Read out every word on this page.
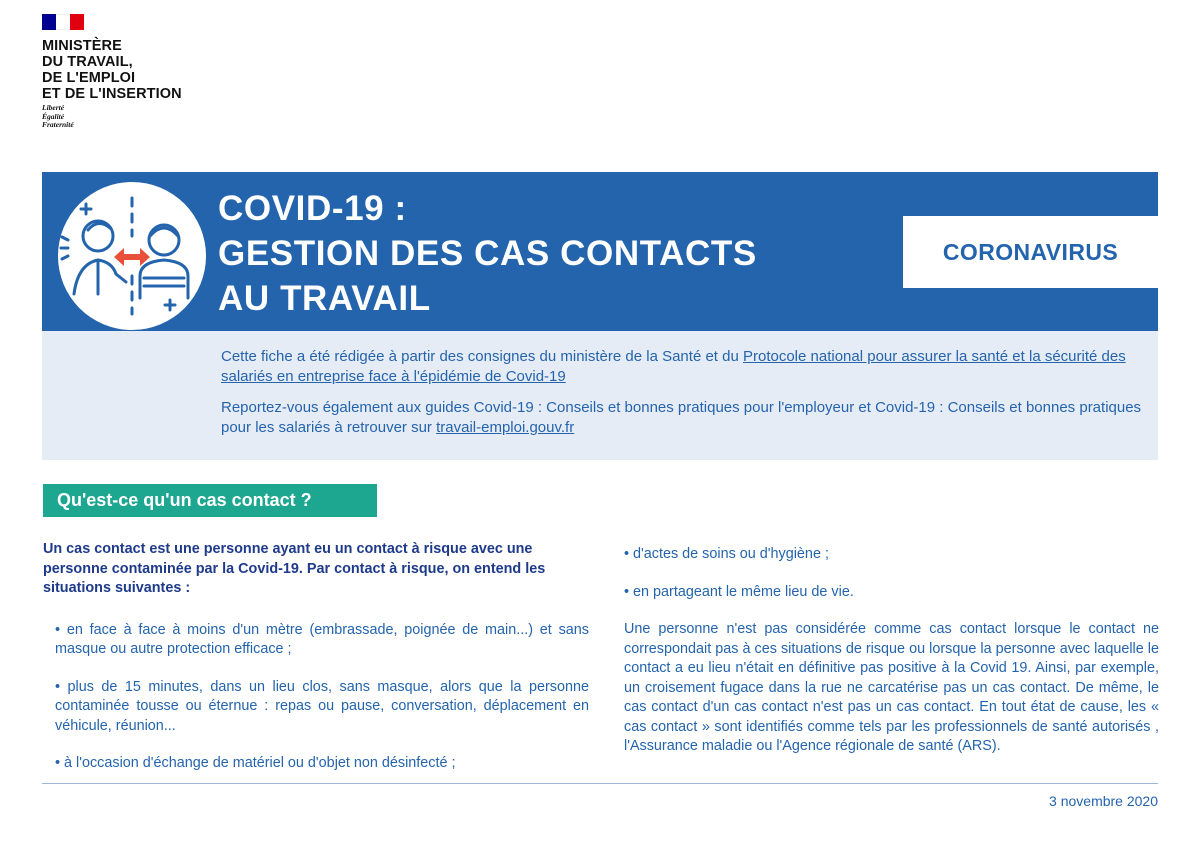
MINISTÈRE
DU TRAVAIL,
DE L'EMPLOI
ET DE L'INSERTION
Liberté
Égalité
Fraternité
COVID-19 :
GESTION DES CAS CONTACTS
AU TRAVAIL
CORONAVIRUS

Cette fiche a été rédigée à partir des consignes du ministère de la Santé et du Protocole national pour assurer la santé et la sécurité des salariés en entreprise face à l'épidémie de Covid-19

Reportez-vous également aux guides Covid-19 : Conseils et bonnes pratiques pour l'employeur et Covid-19 : Conseils et bonnes pratiques pour les salariés à retrouver sur travail-emploi.gouv.fr

Qu'est-ce qu'un cas contact ?

Un cas contact est une personne ayant eu un contact à risque avec une personne contaminée par la Covid-19. Par contact à risque, on entend les situations suivantes :

• en face à face à moins d'un mètre (embrassade, poignée de main...) et sans masque ou autre protection efficace ;

• plus de 15 minutes, dans un lieu clos, sans masque, alors que la personne contaminée tousse ou éternue : repas ou pause, conversation, déplacement en véhicule, réunion...

• à l'occasion d'échange de matériel ou d'objet non désinfecté ;

• d'actes de soins ou d'hygiène ;

• en partageant le même lieu de vie.

Une personne n'est pas considérée comme cas contact lorsque le contact ne correspondait pas à ces situations de risque ou lorsque la personne avec laquelle le contact a eu lieu n'était en définitive pas positive à la Covid 19. Ainsi, par exemple, un croisement fugace dans la rue ne carcatérise pas un cas contact. De même, le cas contact d'un cas contact n'est pas un cas contact. En tout état de cause, les « cas contact » sont identifiés comme tels par les professionnels de santé autorisés , l'Assurance maladie ou l'Agence régionale de santé (ARS).

3 novembre 2020
